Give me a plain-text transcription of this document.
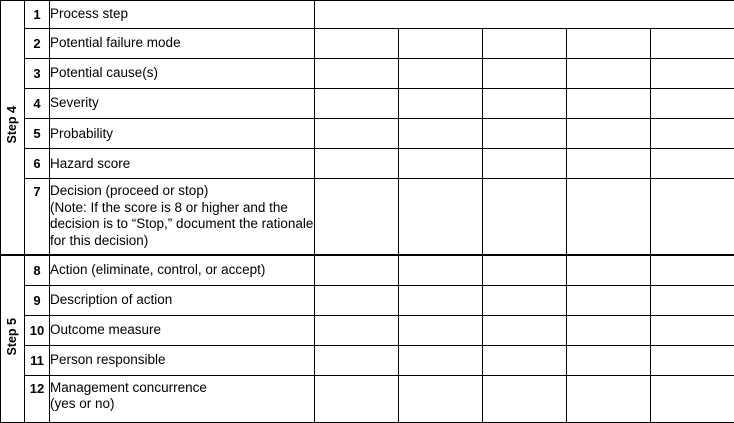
Step 4	1	Process step					
	2	Potential failure mode					
	3	Potential cause(s)					
	4	Severity					
	5	Probability					
	6	Hazard score					
	7	Decision (proceed or stop)
(Note: If the score is 8 or higher and the decision is to “Stop,” document the rationale for this decision)					
Step 5	8	Action (eliminate, control, or accept)					
	9	Description of action					
	10	Outcome measure					
	11	Person responsible					
	12	Management concurrence
(yes or no)					
